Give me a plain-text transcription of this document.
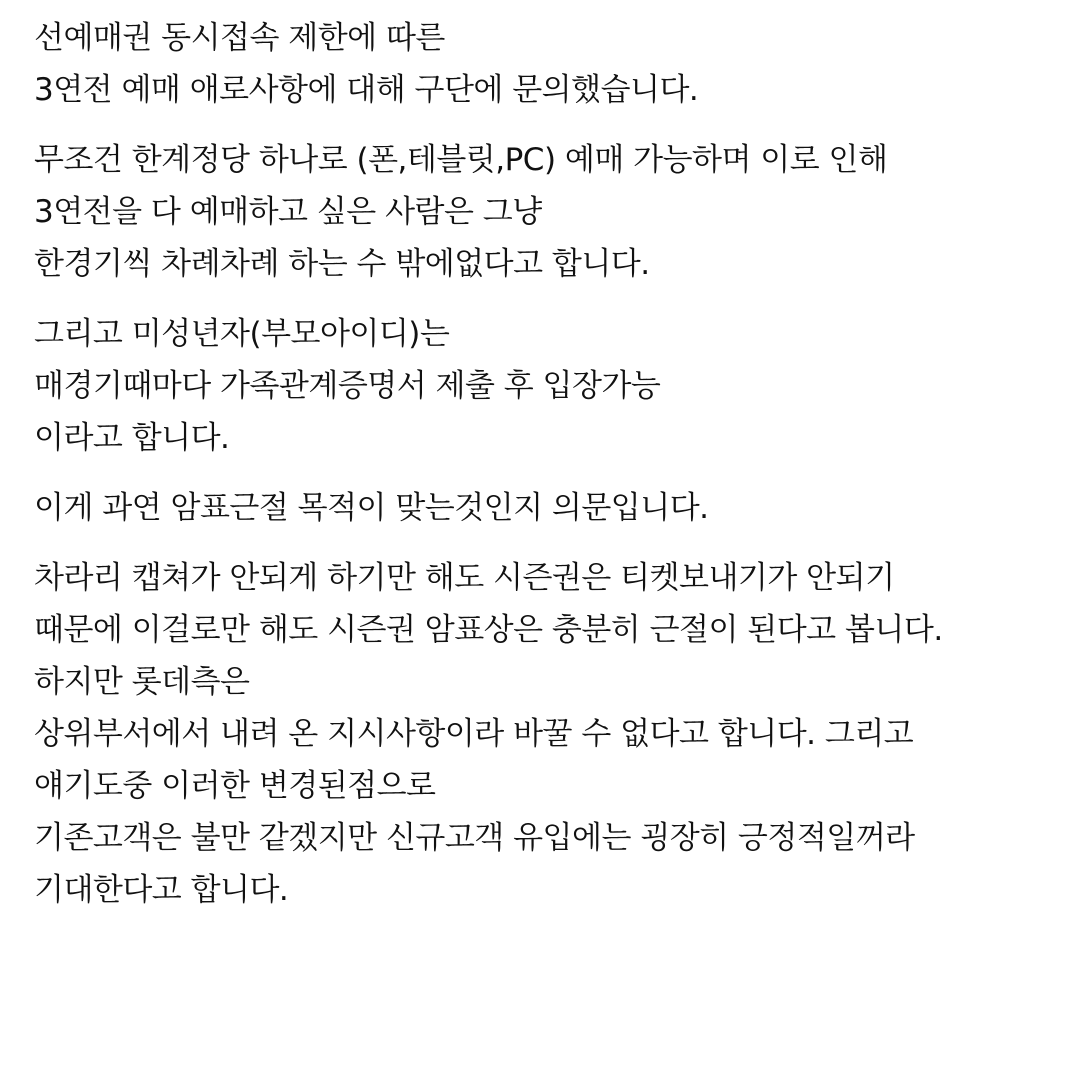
선예매권 동시접속 제한에 따른
3연전 예매 애로사항에 대해 구단에 문의했습니다.
무조건 한계정당 하나로 (폰,테블릿,PC) 예매 가능하며 이로 인해
3연전을 다 예매하고 싶은 사람은 그냥
한경기씩 차례차례 하는 수 밖에없다고 합니다.
그리고 미성년자(부모아이디)는
매경기때마다 가족관계증명서 제출 후 입장가능
이라고 합니다.
이게 과연 암표근절 목적이 맞는것인지 의문입니다.
차라리 캡쳐가 안되게 하기만 해도 시즌권은 티켓보내기가 안되기
때문에 이걸로만 해도 시즌권 암표상은 충분히 근절이 된다고 봅니다.
하지만 롯데측은
상위부서에서 내려 온 지시사항이라 바꿀 수 없다고 합니다. 그리고
얘기도중 이러한 변경된점으로
기존고객은 불만 같겠지만 신규고객 유입에는 굉장히 긍정적일꺼라
기대한다고 합니다.
